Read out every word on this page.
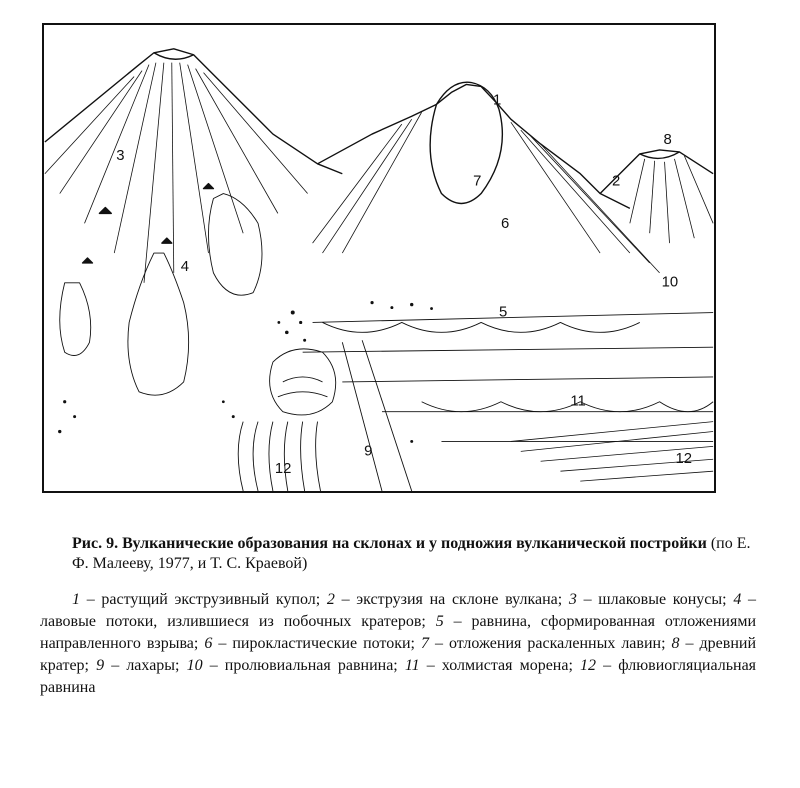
1
2
3
4
5
6
7
8
9
10
11
12
12
Рис. 9. Вулканические образования на склонах и у подножия вулканической постройки (по Е. Ф. Малееву, 1977, и Т. С. Краевой)
1 – растущий экструзивный купол; 2 – экструзия на склоне вулкана; 3 – шлаковые конусы; 4 – лавовые потоки, излившиеся из побочных кратеров; 5 – равнина, сформированная отложениями направленного взрыва; 6 – пирокластические потоки; 7 – отложения раскаленных лавин; 8 – древний кратер; 9 – лахары; 10 – пролювиальная равнина; 11 – холмистая морена; 12 – флювиогляциальная равнина
